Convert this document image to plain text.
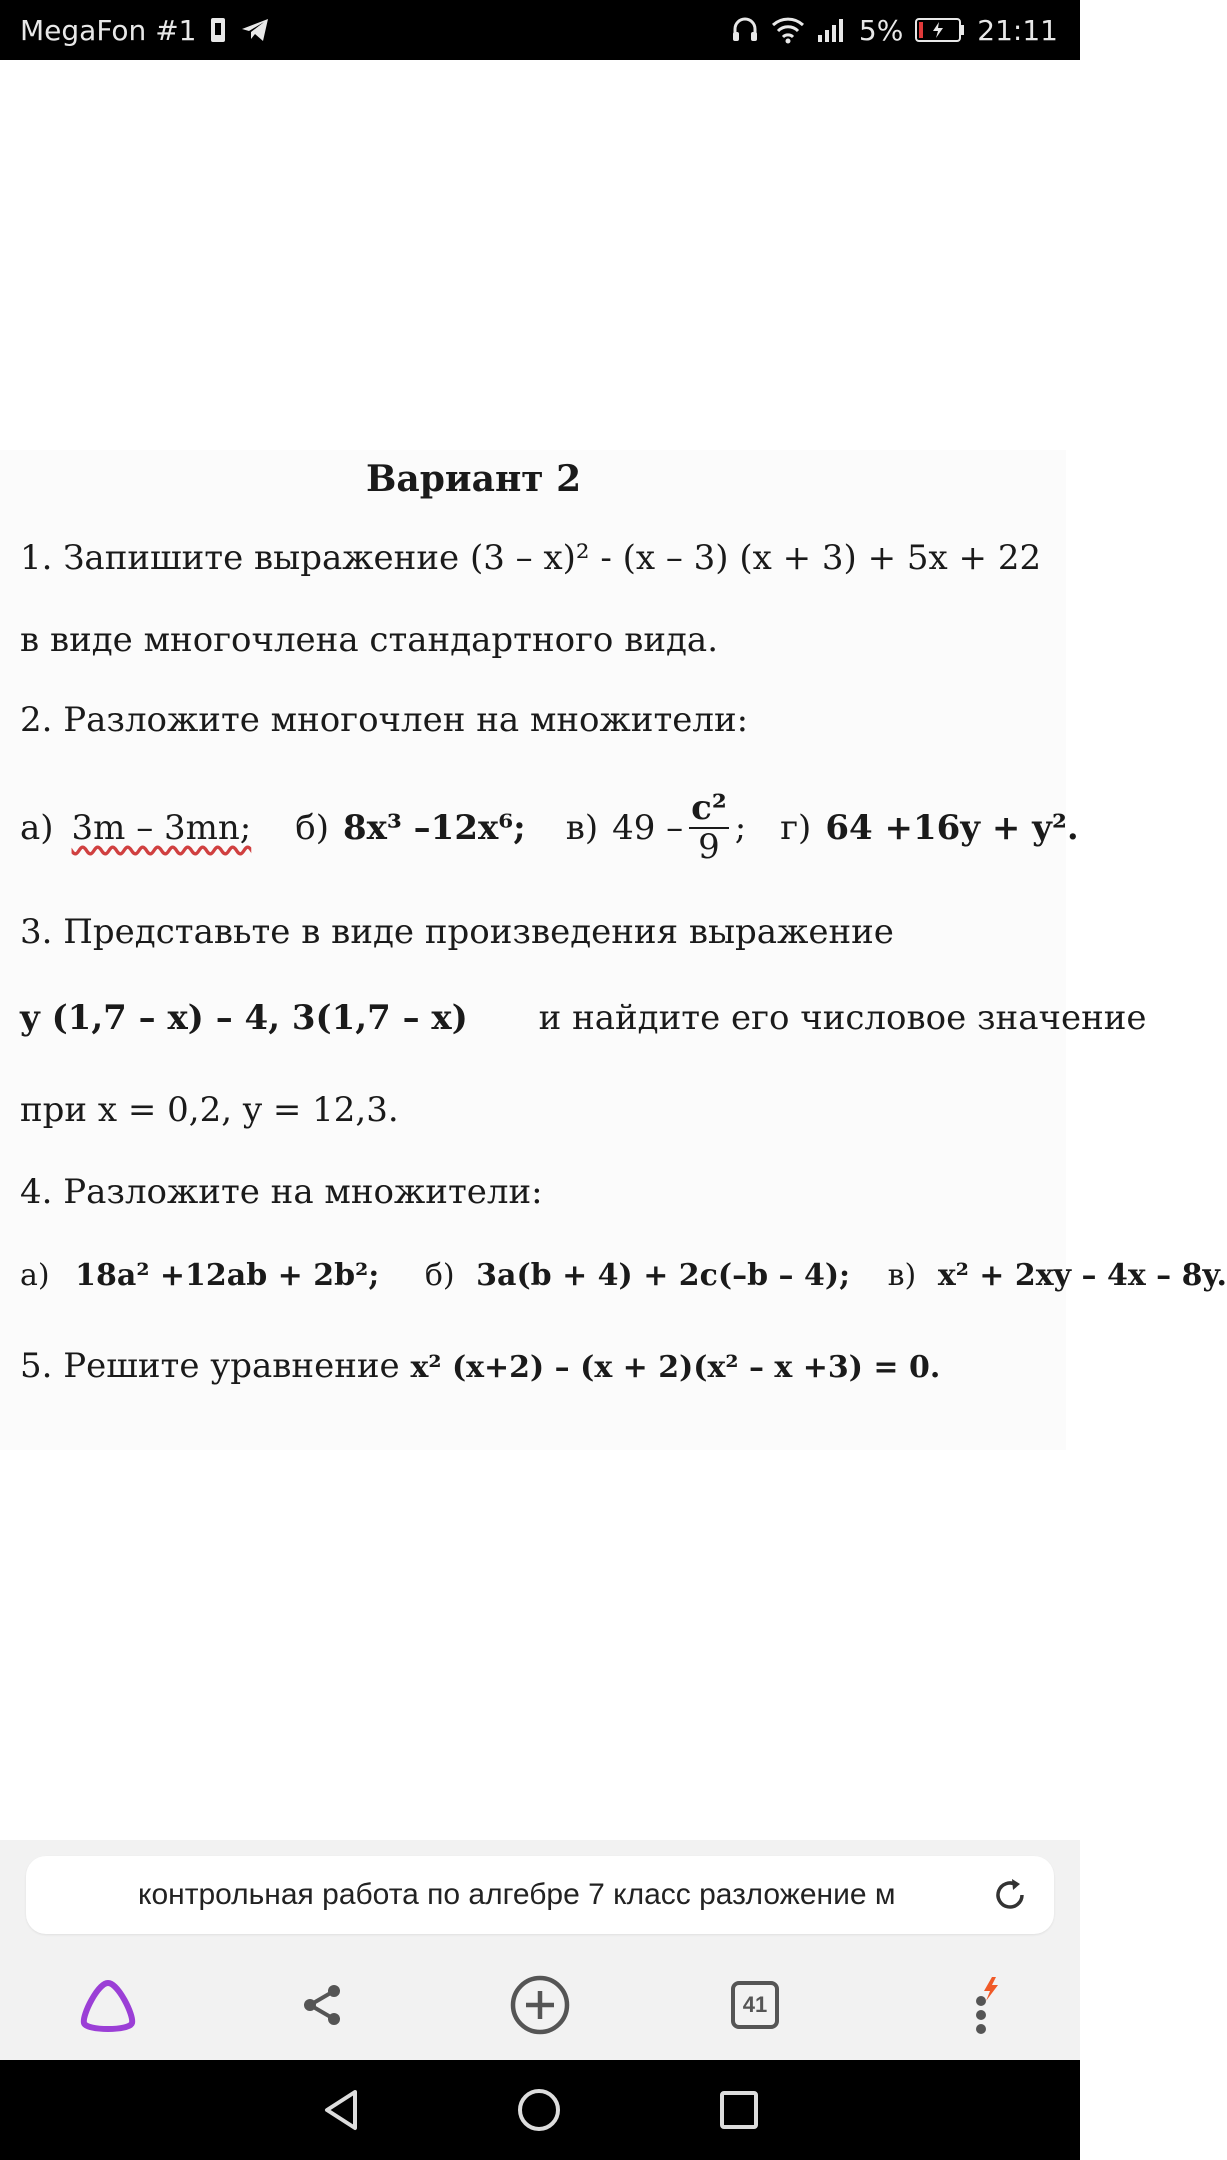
MegaFon #1	5%	21:11
Вариант 2
1. Запишите выражение (3 – x)² - (x – 3) (x + 3) + 5x + 22
в виде многочлена стандартного вида.
2. Разложите многочлен на множители:
а) 3m – 3mn; б) 8x³ –12x⁶; в) $49 - \frac{\text{c²}}{9}$ ; г) 64 +16y + y².
3. Представьте в виде произведения выражение
y (1,7 – x) – 4, 3(1,7 – x) и найдите его числовое значение
при x = 0,2, y = 12,3.
4. Разложите на множители:
а) 18a² +12ab + 2b²; б) 3a(b + 4) + 2c(–b – 4); в) x² + 2xy – 4x – 8y.
5. Решите уравнение x² (x+2) – (x + 2)(x² – x +3) = 0.
контрольная работа по алгебре 7 класс разложение м
41
